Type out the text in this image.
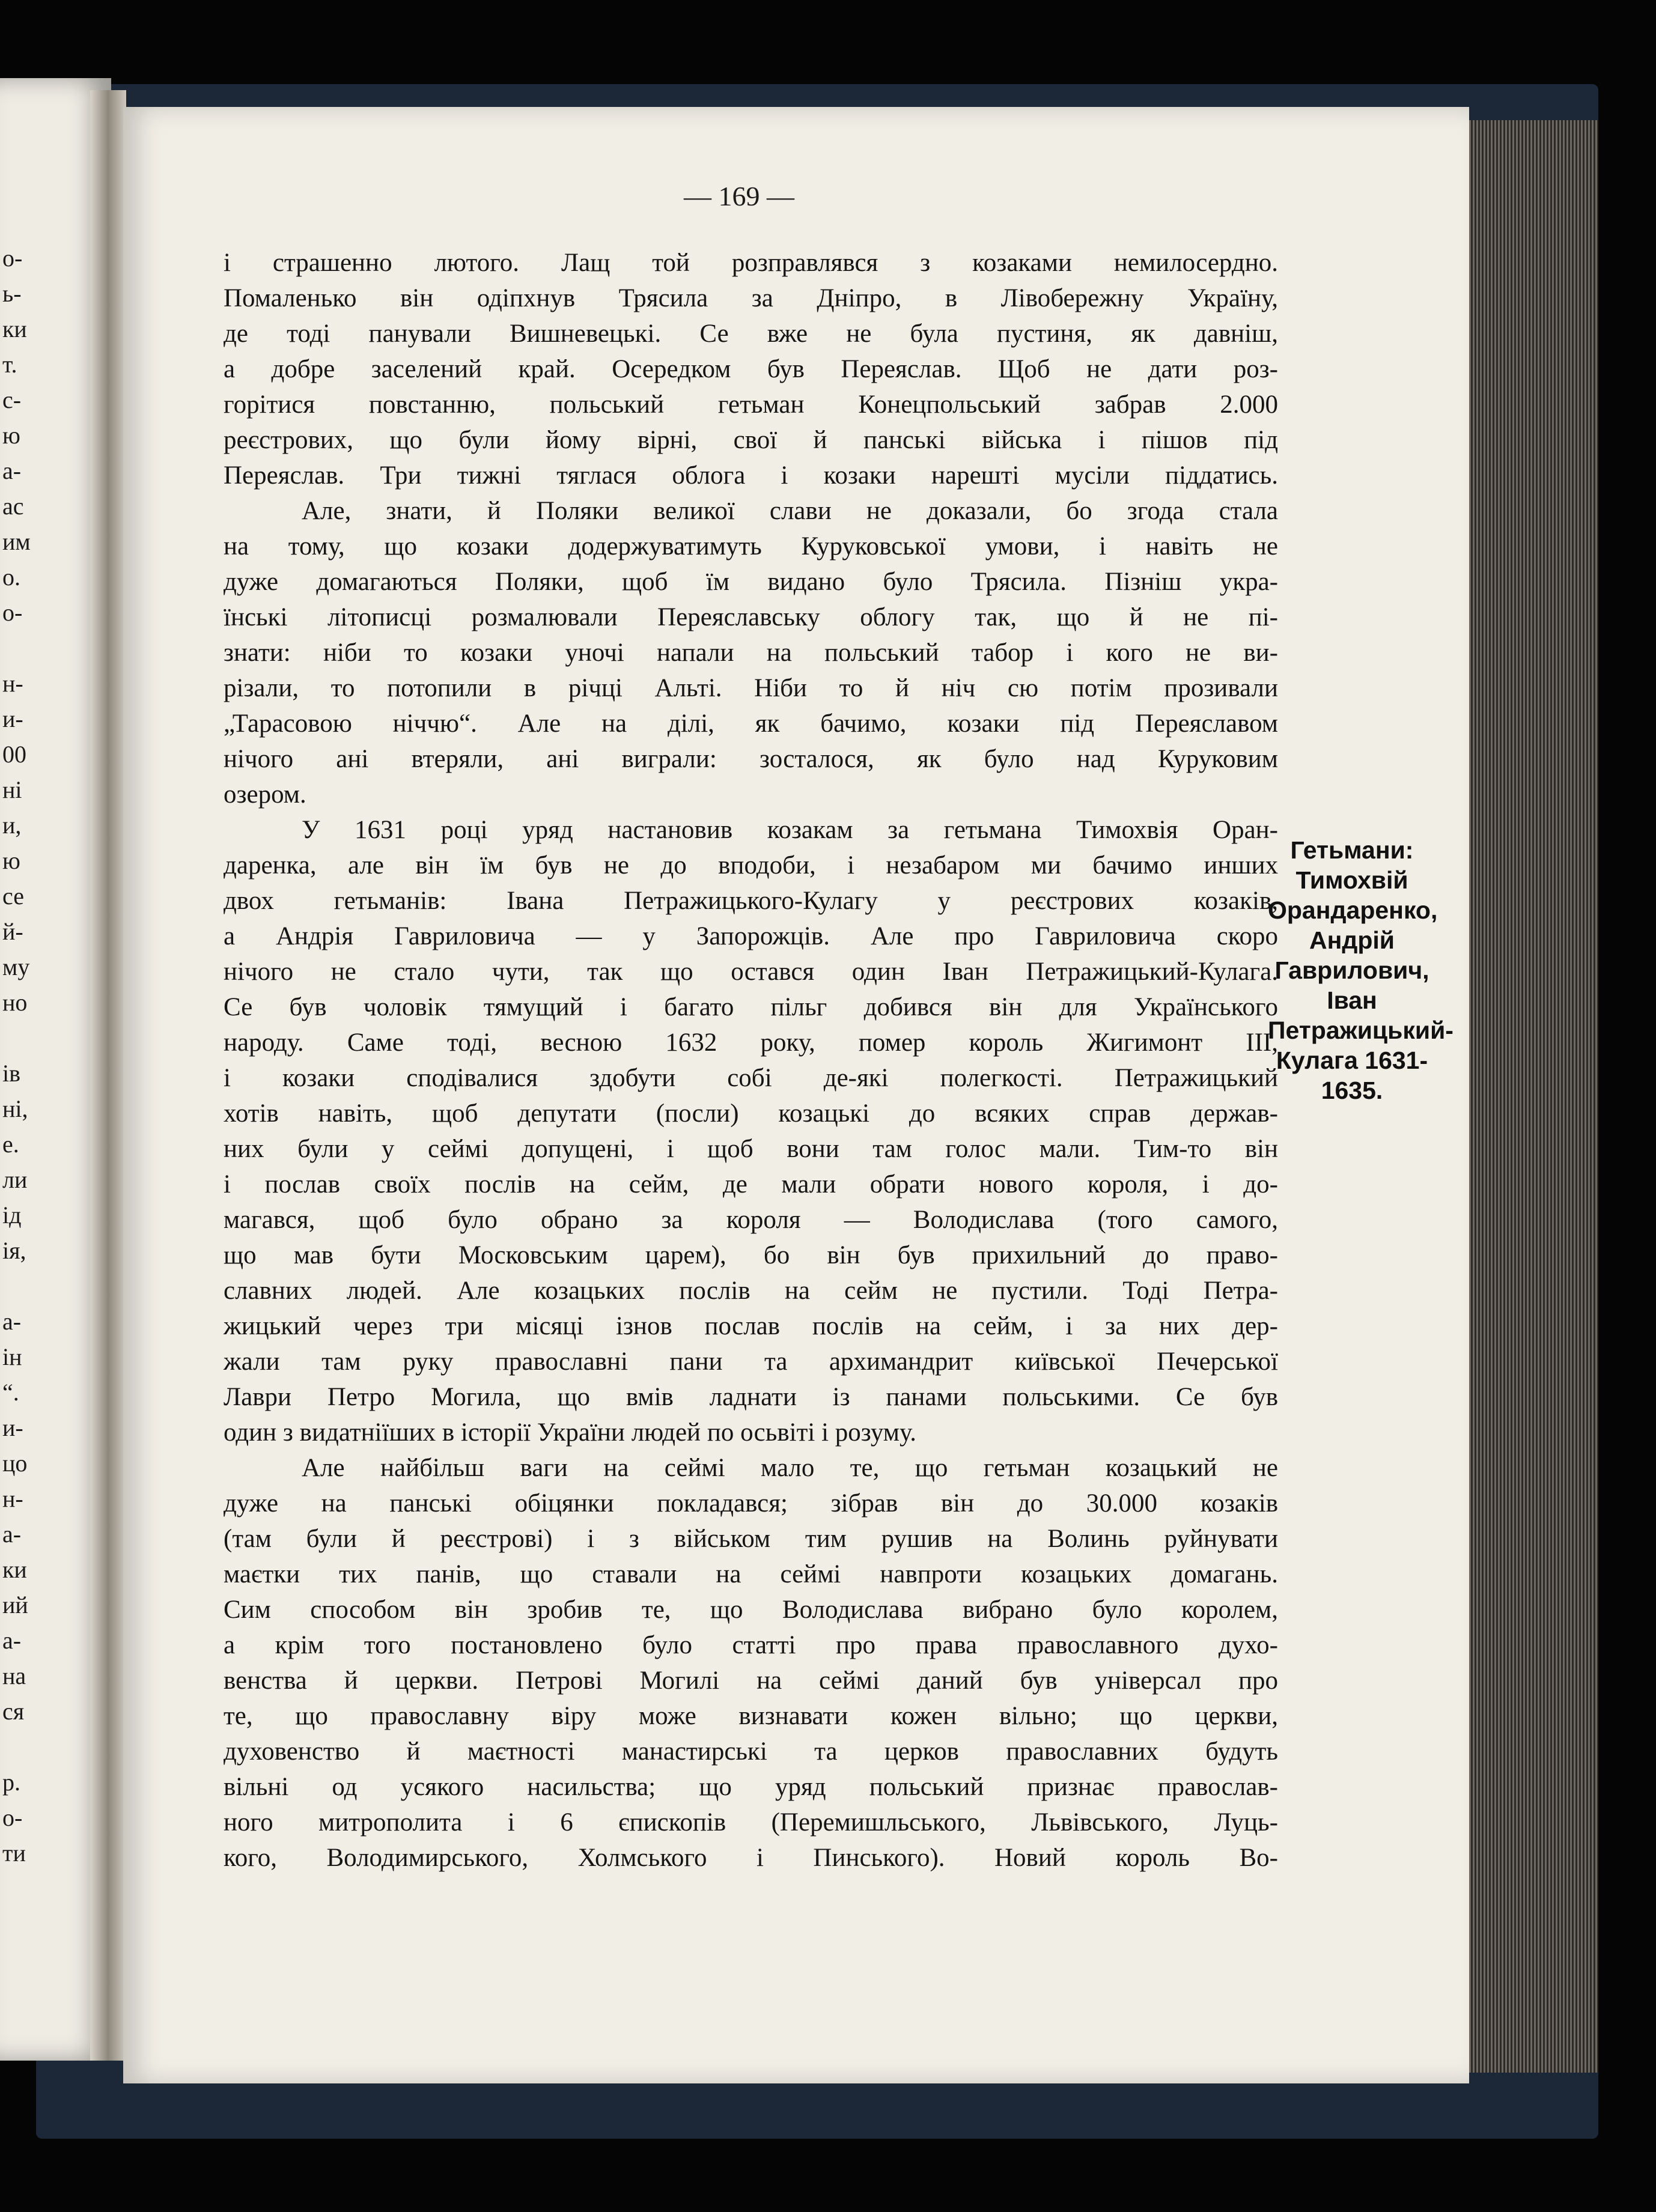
о-
ь-
ки
т.
с-
ю
а-
ас
им
о.
о-
н-
и-
00
ні
и,
ю
се
й-
му
но
ів
ні,
е.
ли
ід
ія,
а-
ін
“.
и-
цо
н-
а-
ки
ий
а-
на
ся
р.
о-
ти
— 169 —
і страшенно лютого. Лащ той розправлявся з козаками немилосердно.
Помаленько він одіпхнув Трясила за Дніпро, в Лівобережну Україну,
де тоді панували Вишневецькі. Се вже не була пустиня, як давніш,
а добре заселений край. Осередком був Переяслав. Щоб не дати роз-
горітися повстанню, польський гетьман Конецпольський забрав 2.000
реєстрових, що були йому вірні, свої й панські війська і пішов під
Переяслав. Три тижні тяглася облога і козаки нарешті мусіли піддатись.
Але, знати, й Поляки великої слави не доказали, бо згода стала
на тому, що козаки додержуватимуть Куруковської умови, і навіть не
дуже домагаються Поляки, щоб їм видано було Трясила. Пізніш укра-
їнські літописці розмалювали Переяславську облогу так, що й не пі-
знати: ніби то козаки уночі напали на польський табор і кого не ви-
різали, то потопили в річці Альті. Ніби то й ніч сю потім прозивали
„Тарасовою ніччю“. Але на ділі, як бачимо, козаки під Переяславом
нічого ані втеряли, ані виграли: зосталося, як було над Куруковим
озером.
У 1631 році уряд настановив козакам за гетьмана Тимохвія Оран-
даренка, але він їм був не до вподоби, і незабаром ми бачимо инших
двох гетьманів: Івана Петражицького-Кулагу у реєстрових козаків,
а Андрія Гавриловича — у Запорожців. Але про Гавриловича скоро
нічого не стало чути, так що остався один Іван Петражицький-Кулага.
Се був чоловік тямущий і багато пільг добився він для Українського
народу. Саме тоді, весною 1632 року, помер король Жигимонт III,
і козаки сподівалися здобути собі де-які полегкості. Петражицький
хотів навіть, щоб депутати (посли) козацькі до всяких справ держав-
них були у сеймі допущені, і щоб вони там голос мали. Тим-то він
і послав своїх послів на сейм, де мали обрати нового короля, і до-
магався, щоб було обрано за короля — Володислава (того самого,
що мав бути Московським царем), бо він був прихильний до право-
славних людей. Але козацьких послів на сейм не пустили. Тоді Петра-
жицький через три місяці ізнов послав послів на сейм, і за них дер-
жали там руку православні пани та архимандрит київської Печерської
Лаври Петро Могила, що вмів ладнати із панами польськими. Се був
один з видатніїших в історії України людей по осьвіті і розуму.
Але найбільш ваги на сеймі мало те, що гетьман козацький не
дуже на панські обіцянки покладався; зібрав він до 30.000 козаків
(там були й реєстрові) і з військом тим рушив на Волинь руйнувати
маєтки тих панів, що ставали на сеймі навпроти козацьких домагань.
Сим способом він зробив те, що Володислава вибрано було королем,
а крім того постановлено було статті про права православного духо-
венства й церкви. Петрові Могилі на сеймі даний був універсал про
те, що православну віру може визнавати кожен вільно; що церкви,
духовенство й маєтності манастирські та церков православних будуть
вільні од усякого насильства; що уряд польський признає православ-
ного митрополита і 6 єпископів (Перемишльського, Львівського, Луць-
кого, Володимирського, Холмського і Пинського). Новий король Во-
Гетьмани: Тимохвій Орандаренко, Андрій Гаврилович, Іван Петражицький-Кулага 1631-1635.
